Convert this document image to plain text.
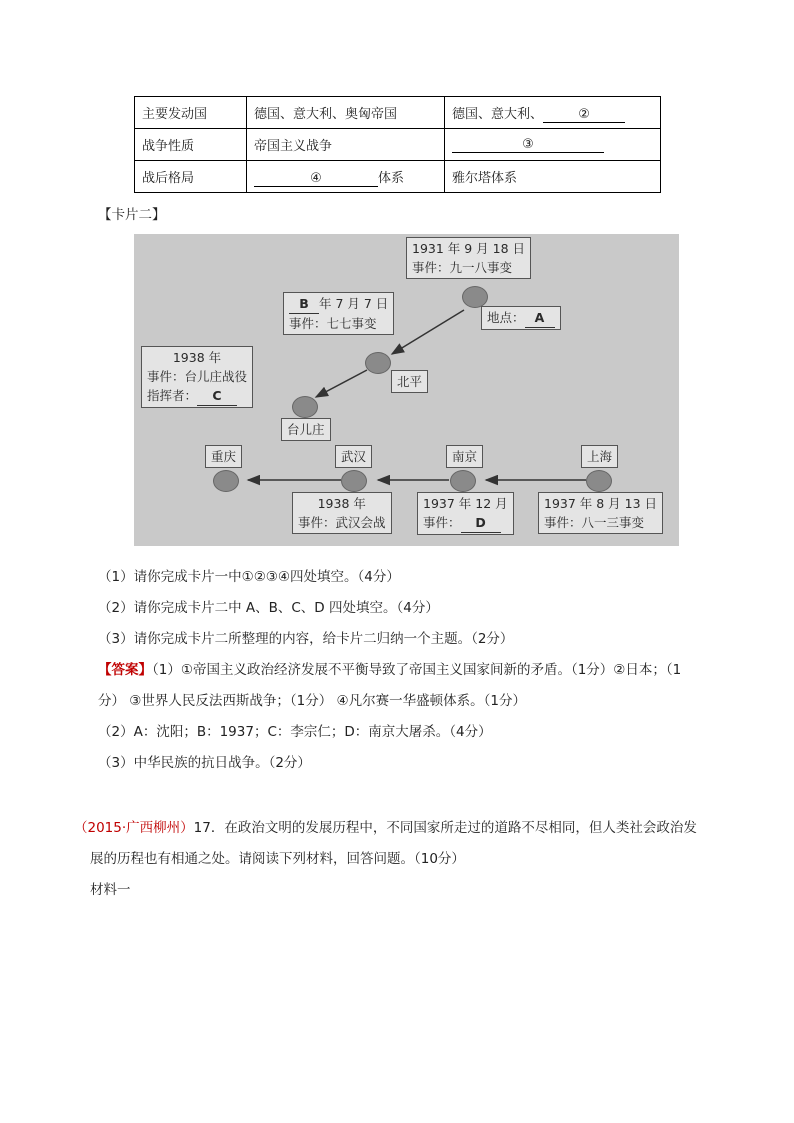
主要发动国	德国、意大利、奥匈帝国	德国、意大利、 ②
战争性质	帝国主义战争	③
战后格局	④ 体系	雅尔塔体系
【卡片二】
1931 年 9 月 18 日
事件：九一八事变
地点： A
B 年 7 月 7 日
事件：七七事变
北平
1938 年
事件：台儿庄战役
指挥者： C
台儿庄
重庆	武汉	南京	上海
1938 年
事件：武汉会战
1937 年 12 月
事件： D
1937 年 8 月 13 日
事件：八一三事变
（1）请你完成卡片一中①②③④四处填空。（4分）
（2）请你完成卡片二中 A、B、C、D 四处填空。（4分）
（3）请你完成卡片二所整理的内容，给卡片二归纳一个主题。（2分）
【答案】（1）①帝国主义政治经济发展不平衡导致了帝国主义国家间新的矛盾。（1分）②日本；（1
分） ③世界人民反法西斯战争；（1分） ④凡尔赛一华盛顿体系。（1分）
（2）A：沈阳；B：1937；C：李宗仁；D：南京大屠杀。（4分）
（3）中华民族的抗日战争。（2分）
（2015·广西柳州）17．在政治文明的发展历程中，不同国家所走过的道路不尽相同，但人类社会政治发
展的历程也有相通之处。请阅读下列材料，回答问题。（10分）
材料一
